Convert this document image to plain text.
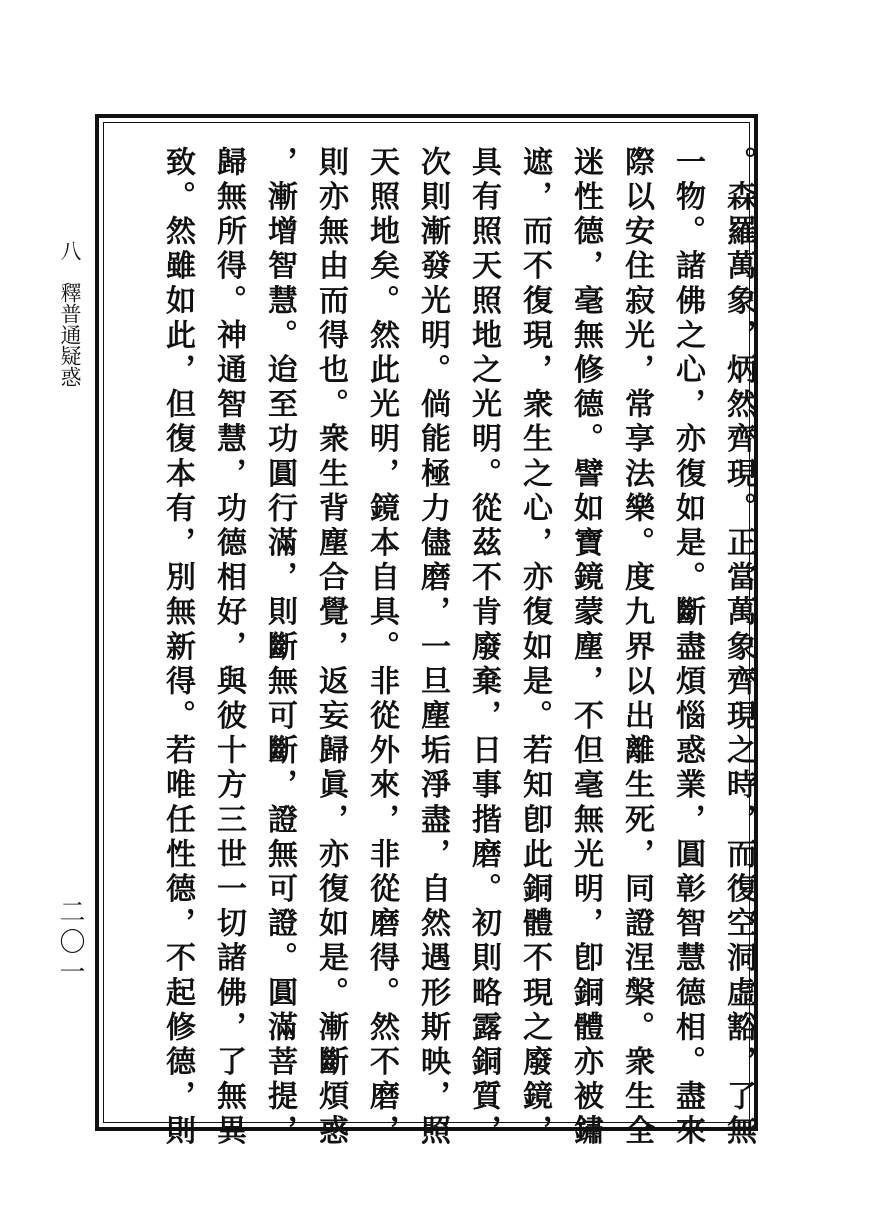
八　釋普通疑惑
二〇一	。森羅萬象，炳然齊現。正當萬象齊現之時，而復空洞虛豁，了無
一物。諸佛之心，亦復如是。斷盡煩惱惑業，圓彰智慧德相。盡來
際以安住寂光，常享法樂。度九界以出離生死，同證涅槃。衆生全
迷性德，毫無修德。譬如寶鏡蒙塵，不但毫無光明，卽銅體亦被鏽
遮，而不復現，衆生之心，亦復如是。若知卽此銅體不現之廢鏡，
具有照天照地之光明。從茲不肯廢棄，日事揩磨。初則略露銅質，
次則漸發光明。倘能極力儘磨，一旦塵垢淨盡，自然遇形斯映，照
天照地矣。然此光明，鏡本自具。非從外來，非從磨得。然不磨，
則亦無由而得也。衆生背塵合覺，返妄歸眞，亦復如是。漸斷煩惑
，漸增智慧。迨至功圓行滿，則斷無可斷，證無可證。圓滿菩提，
歸無所得。神通智慧，功德相好，與彼十方三世一切諸佛，了無異
致。然雖如此，但復本有，別無新得。若唯任性德，不起修德，則
